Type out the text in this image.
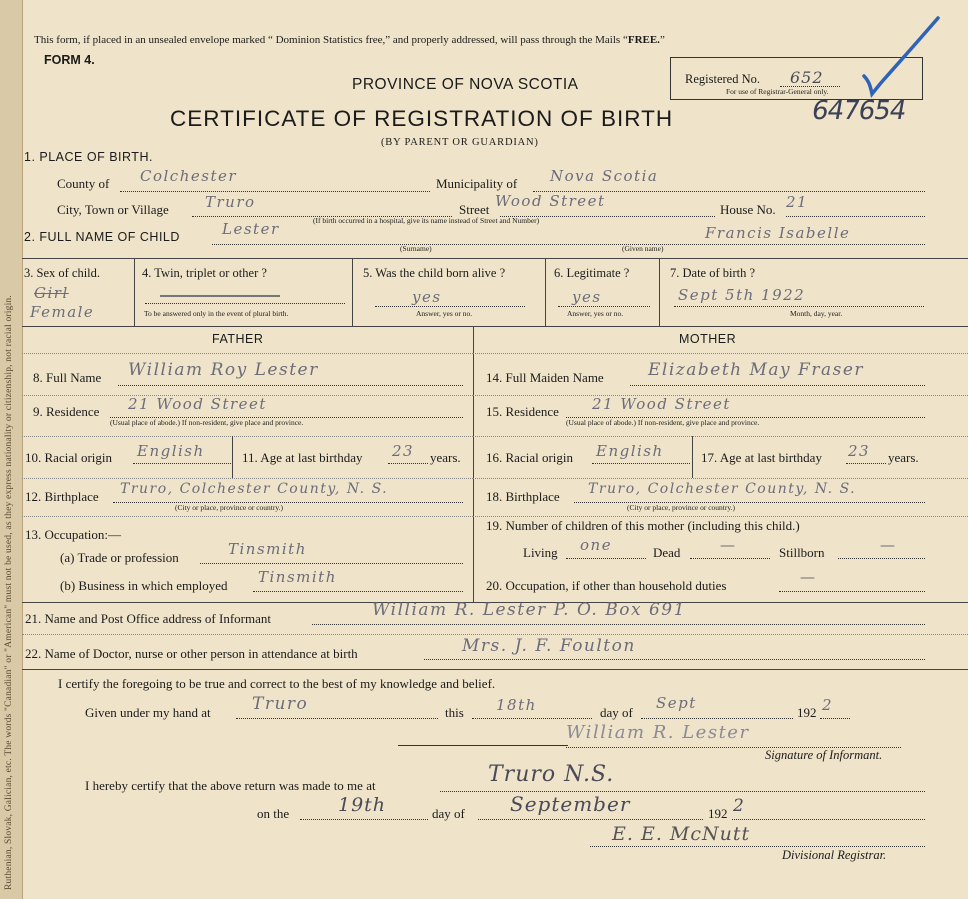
Ruthenian, Slovak, Galician, etc. The words "Canadian" or "American" must not be used, as they express nationality or citizenship, not racial origin.
This form, if placed in an unsealed envelope marked “ Dominion Statistics free,” and properly addressed, will pass through the Mails “FREE.”
FORM 4.
PROVINCE OF NOVA SCOTIA
CERTIFICATE OF REGISTRATION OF BIRTH
(BY PARENT OR GUARDIAN)
Registered No. 652
For use of Registrar-General only.
647654
1. PLACE OF BIRTH.
County of Colchester	Municipality of Nova Scotia
City, Town or Village Truro	Street Wood Street
(If birth occurred in a hospital, give its name instead of Street and Number)
House No. 21
2. FULL NAME OF CHILD	Lester	Francis Isabelle
(Surname)	(Given name)
3. Sex of child.
Girl
Female
4. Twin, triplet or other ?
To be answered only in the event of plural birth.
5. Was the child born alive ?
yes
Answer, yes or no.
6. Legitimate ?
yes
Answer, yes or no.
7. Date of birth ?
Sept 5th 1922
Month, day, year.
FATHER	MOTHER
8. Full Name William Roy Lester
9. Residence 21 Wood Street
(Usual place of abode.) If non-resident, give place and province.
10. Racial origin English	11. Age at last birthday 23 years.
12. Birthplace Truro, Colchester County, N. S.
(City or place, province or country.)
13. Occupation:—
(a) Trade or profession	Tinsmith
(b) Business in which employed Tinsmith
14. Full Maiden Name	Elizabeth May Fraser
15. Residence 21 Wood Street
(Usual place of abode.) If non-resident, give place and province.
16. Racial origin English	17. Age at last birthday 23 years.
18. Birthplace Truro, Colchester County, N. S.
(City or place, province or country.)
19. Number of children of this mother (including this child.)
Living one	Dead	—	Stillborn	—
20. Occupation, if other than household duties	—
21. Name and Post Office address of Informant	William R. Lester P. O. Box 691
22. Name of Doctor, nurse or other person in attendance at birth	Mrs. J. F. Foulton
I certify the foregoing to be true and correct to the best of my knowledge and belief.
Given under my hand at Truro	this 18th	day of
Sept
192 2
William R. Lester
Signature of Informant.
I hereby certify that the above return was made to me at	Truro N.S.
on the	19th	day of September	192 2
E. E. McNutt
Divisional Registrar.
